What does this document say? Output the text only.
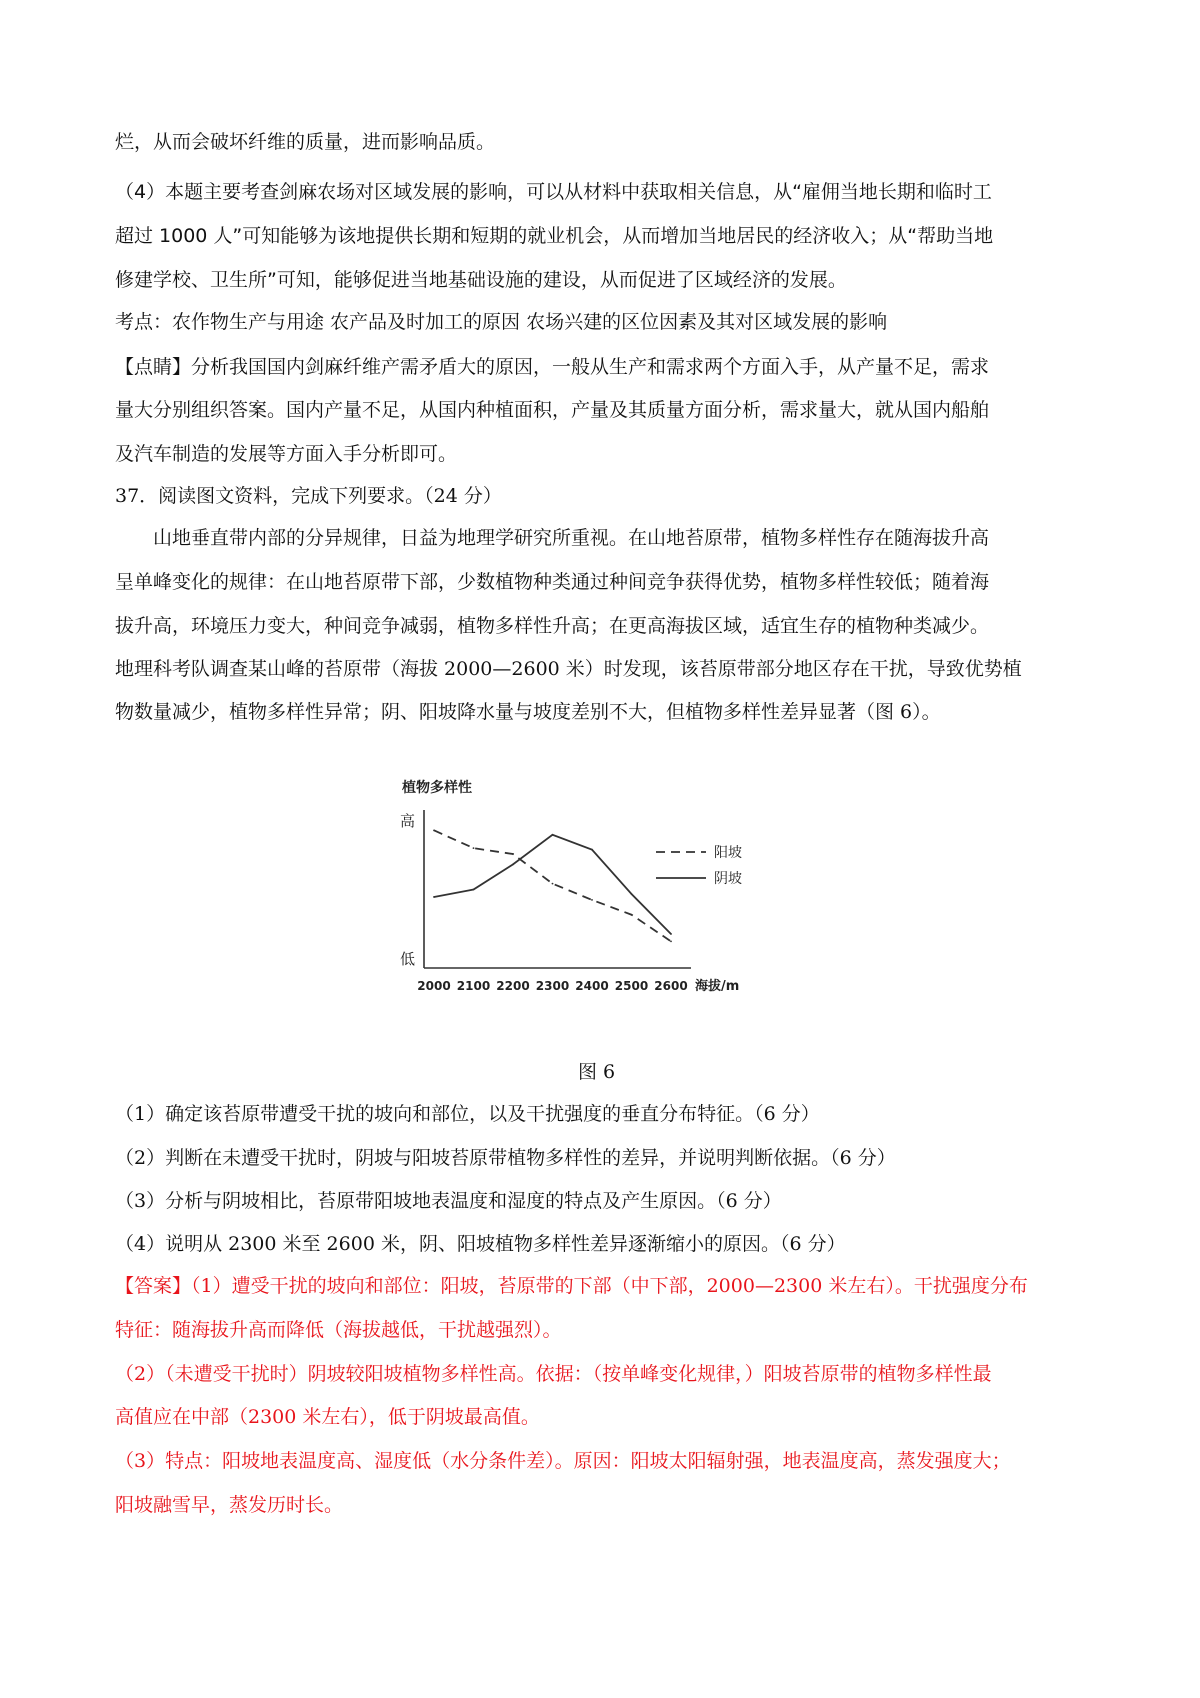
烂，从而会破坏纤维的质量，进而影响品质。
（4）本题主要考查剑麻农场对区域发展的影响，可以从材料中获取相关信息，从“雇佣当地长期和临时工
超过 1000 人”可知能够为该地提供长期和短期的就业机会，从而增加当地居民的经济收入；从“帮助当地
修建学校、卫生所”可知，能够促进当地基础设施的建设，从而促进了区域经济的发展。
考点：农作物生产与用途 农产品及时加工的原因 农场兴建的区位因素及其对区域发展的影响
【点睛】分析我国国内剑麻纤维产需矛盾大的原因，一般从生产和需求两个方面入手，从产量不足，需求
量大分别组织答案。国内产量不足，从国内种植面积，产量及其质量方面分析，需求量大，就从国内船舶
及汽车制造的发展等方面入手分析即可。
37．阅读图文资料，完成下列要求。（24 分）
　　山地垂直带内部的分异规律，日益为地理学研究所重视。在山地苔原带，植物多样性存在随海拔升高
呈单峰变化的规律：在山地苔原带下部，少数植物种类通过种间竞争获得优势，植物多样性较低；随着海
拔升高，环境压力变大，种间竞争减弱，植物多样性升高；在更高海拔区域，适宜生存的植物种类减少。
地理科考队调查某山峰的苔原带（海拔 2000—2600 米）时发现，该苔原带部分地区存在干扰，导致优势植
物数量减少，植物多样性异常；阴、阳坡降水量与坡度差别不大，但植物多样性差异显著（图 6）。
植物多样性
高
低
2000 2100 2200 2300 2400 2500 2600 海拔/m
阳坡
阴坡
图 6
（1）确定该苔原带遭受干扰的坡向和部位，以及干扰强度的垂直分布特征。（6 分）
（2）判断在未遭受干扰时，阴坡与阳坡苔原带植物多样性的差异，并说明判断依据。（6 分）
（3）分析与阴坡相比，苔原带阳坡地表温度和湿度的特点及产生原因。（6 分）
（4）说明从 2300 米至 2600 米，阴、阳坡植物多样性差异逐渐缩小的原因。（6 分）
【答案】（1）遭受干扰的坡向和部位：阳坡，苔原带的下部（中下部，2000—2300 米左右）。干扰强度分布
特征：随海拔升高而降低（海拔越低，干扰越强烈）。
（2）（未遭受干扰时）阴坡较阳坡植物多样性高。依据：（按单峰变化规律，）阳坡苔原带的植物多样性最
高值应在中部（2300 米左右），低于阴坡最高值。
（3）特点：阳坡地表温度高、湿度低（水分条件差）。原因：阳坡太阳辐射强，地表温度高，蒸发强度大；
阳坡融雪早，蒸发历时长。
